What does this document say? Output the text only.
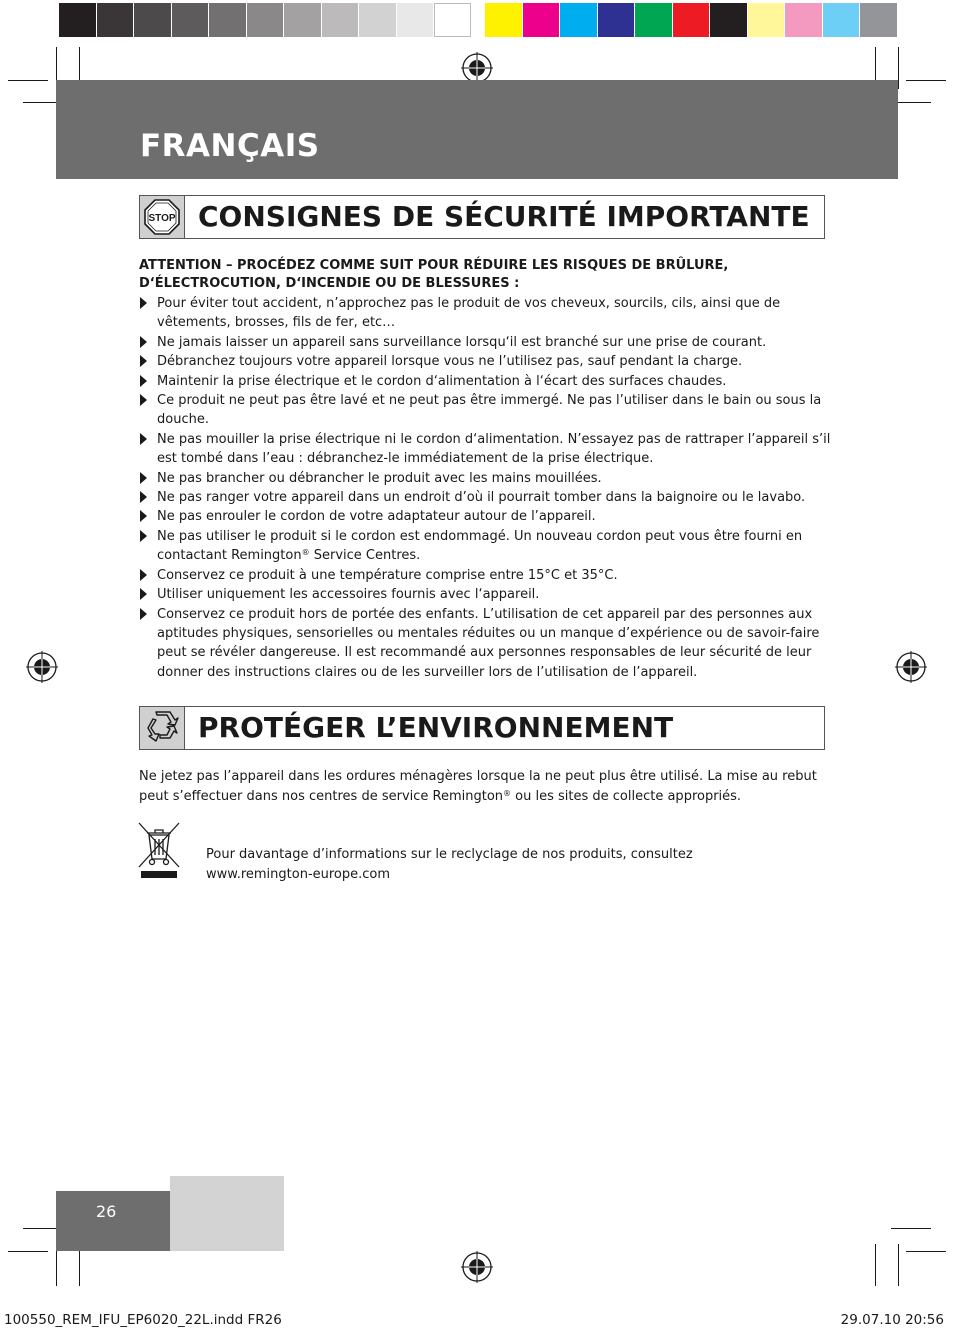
FRANÇAIS
STOP CONSIGNES DE SÉCURITÉ IMPORTANTE
ATTENTION – PROCÉDEZ COMME SUIT POUR RÉDUIRE LES RISQUES DE BRÛLURE, D‘ÉLECTROCUTION, D‘INCENDIE OU DE BLESSURES :
Pour éviter tout accident, n’approchez pas le produit de vos cheveux, sourcils, cils, ainsi que de vêtements, brosses, fils de fer, etc…
Ne jamais laisser un appareil sans surveillance lorsqu‘il est branché sur une prise de courant.
Débranchez toujours votre appareil lorsque vous ne l’utilisez pas, sauf pendant la charge.
Maintenir la prise électrique et le cordon d‘alimentation à l‘écart des surfaces chaudes.
Ce produit ne peut pas être lavé et ne peut pas être immergé. Ne pas l’utiliser dans le bain ou sous la douche.
Ne pas mouiller la prise électrique ni le cordon d‘alimentation. N’essayez pas de rattraper l’appareil s’il est tombé dans l’eau : débranchez-le immédiatement de la prise électrique.
Ne pas brancher ou débrancher le produit avec les mains mouillées.
Ne pas ranger votre appareil dans un endroit d’où il pourrait tomber dans la baignoire ou le lavabo.
Ne pas enrouler le cordon de votre adaptateur autour de l’appareil.
Ne pas utiliser le produit si le cordon est endommagé. Un nouveau cordon peut vous être fourni en contactant Remington® Service Centres.
Conservez ce produit à une température comprise entre 15°C et 35°C.
Utiliser uniquement les accessoires fournis avec l‘appareil.
Conservez ce produit hors de portée des enfants. L’utilisation de cet appareil par des personnes aux aptitudes physiques, sensorielles ou mentales réduites ou un manque d’expérience ou de savoir-faire peut se révéler dangereuse. Il est recommandé aux personnes responsables de leur sécurité de leur donner des instructions claires ou de les surveiller lors de l’utilisation de l’appareil.
PROTÉGER L’ENVIRONNEMENT
Ne jetez pas l’appareil dans les ordures ménagères lorsque la ne peut plus être utilisé. La mise au rebut peut s’effectuer dans nos centres de service Remington® ou les sites de collecte appropriés.
Pour davantage d’informations sur le reclyclage de nos produits, consultez
www.remington-europe.com
26
100550_REM_IFU_EP6020_22L.indd FR26	29.07.10 20:56
